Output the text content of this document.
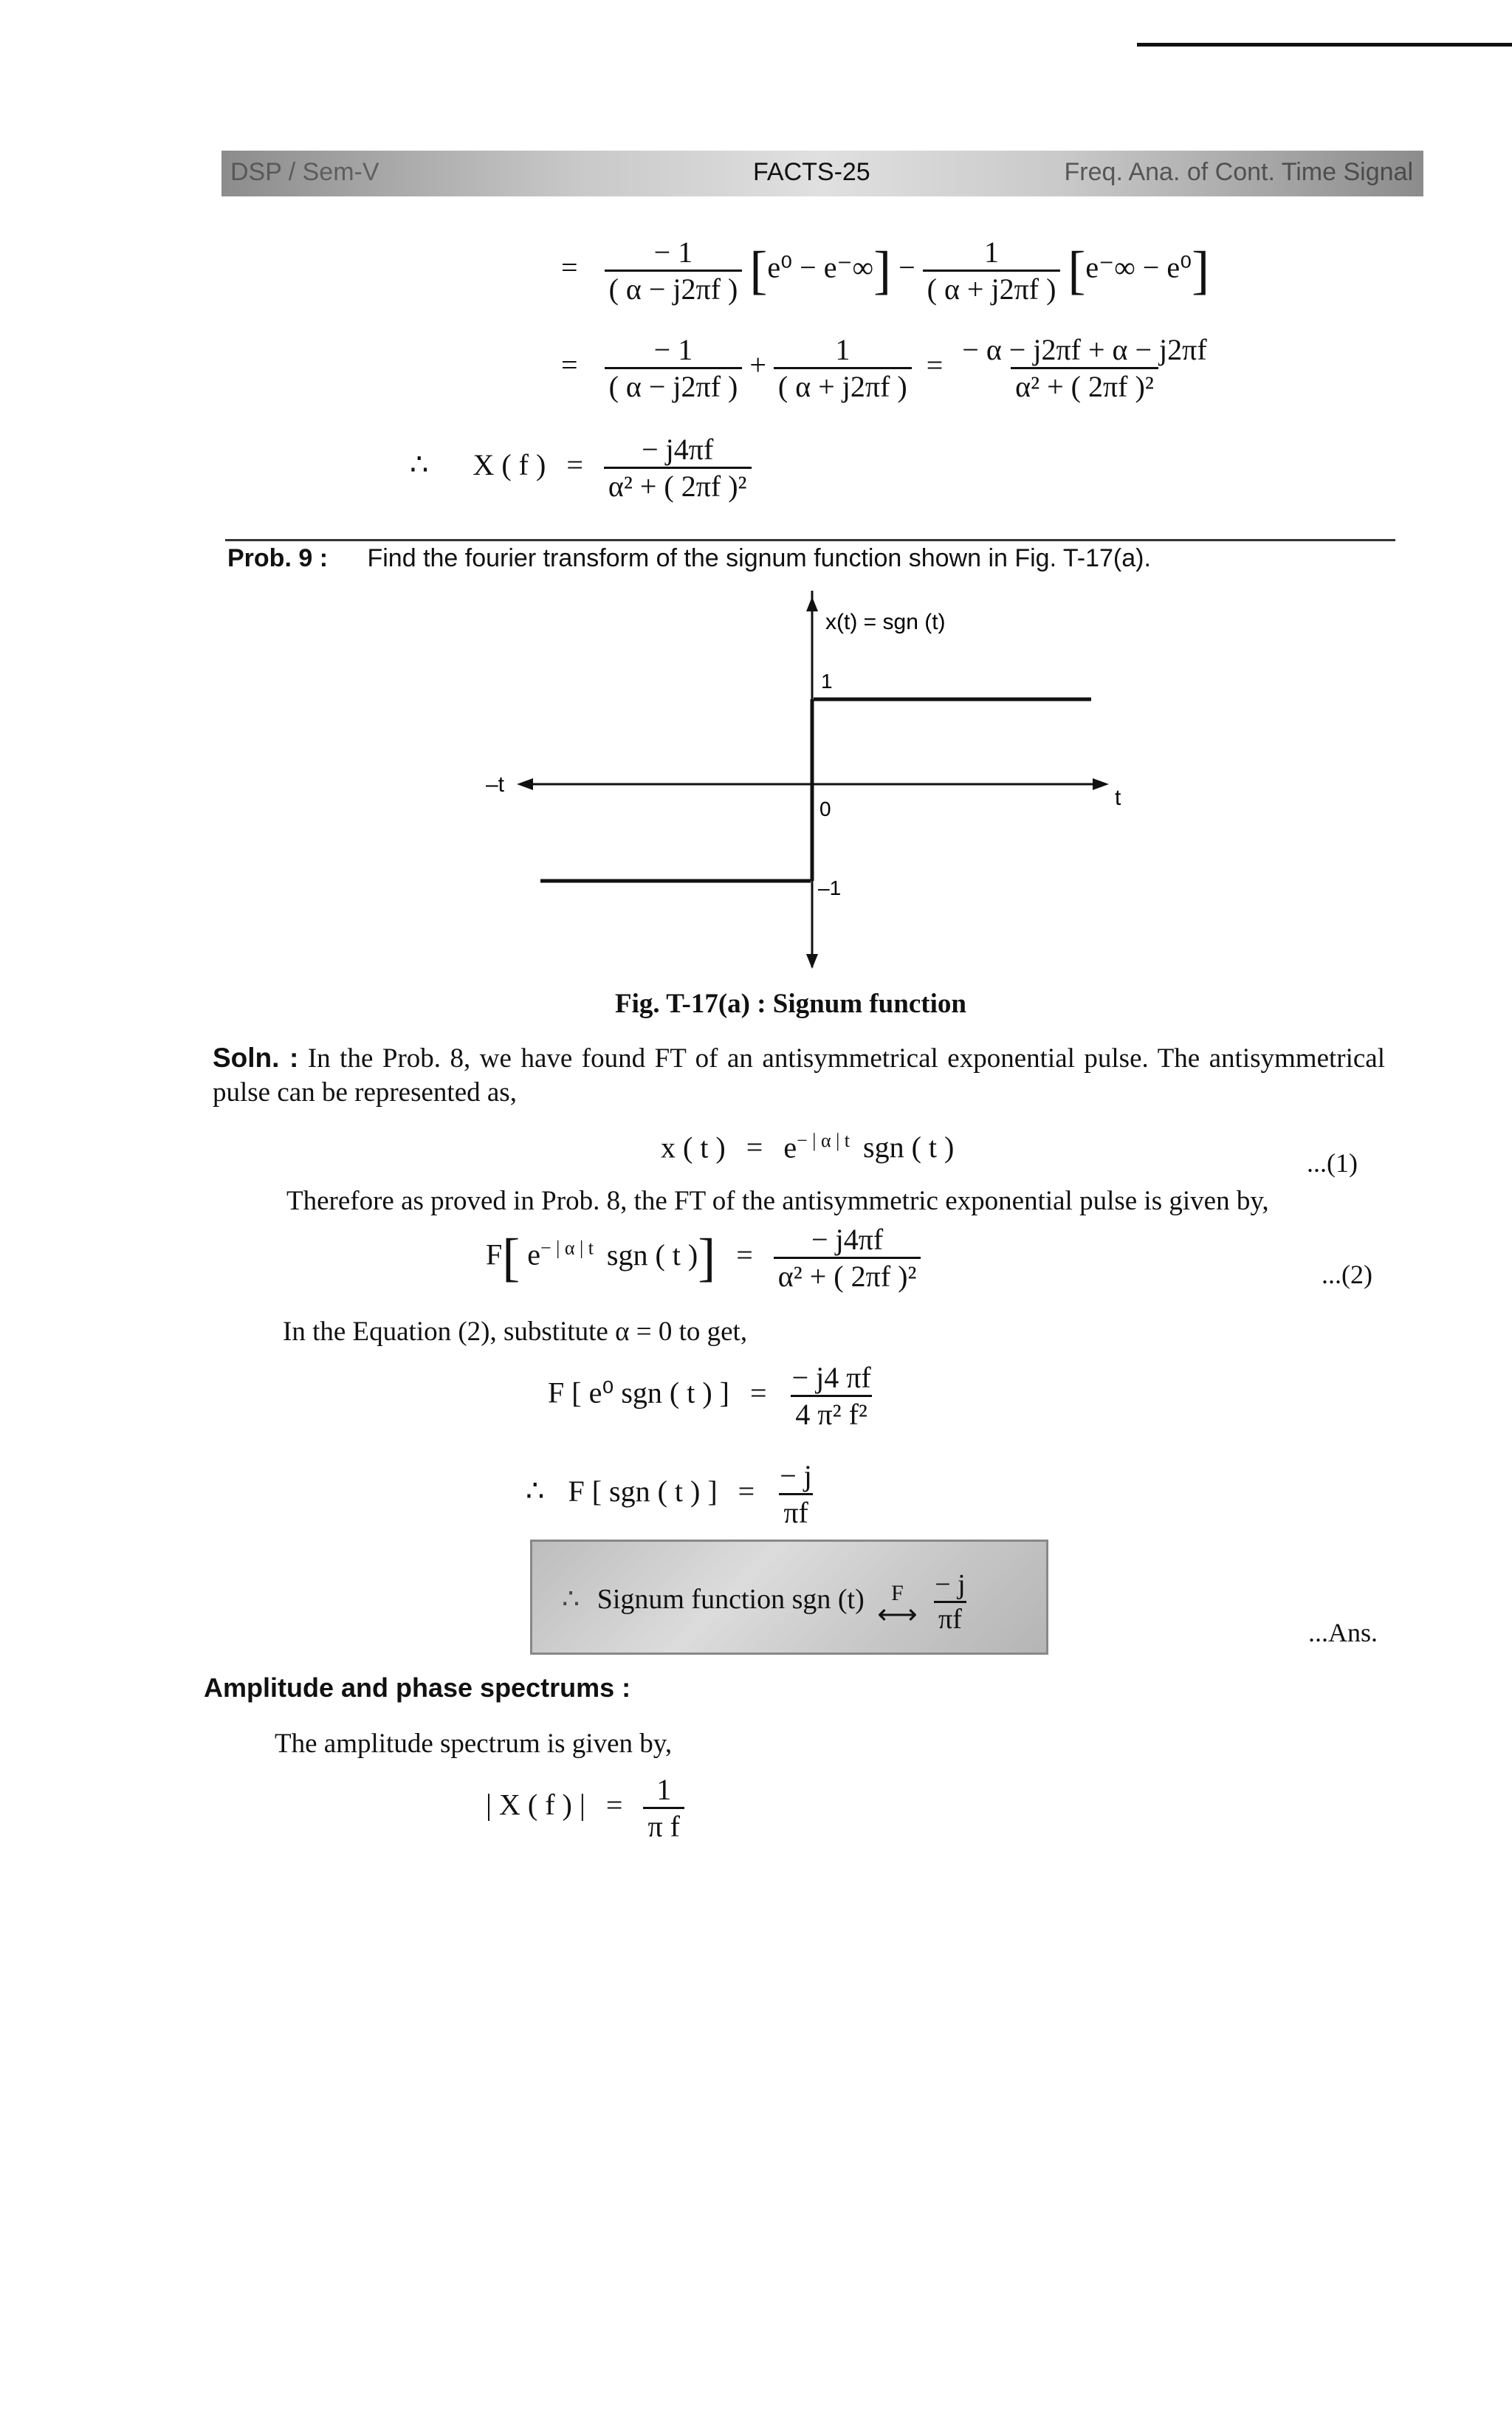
DSP / Sem-V	FACTS-25	Freq. Ana. of Cont. Time Signal
= $\frac{- 1}{( \alpha - j2\pi f )} [e^0 - e^-\infty] - \frac{1}{( \alpha + j2\pi f )} [e^-\infty - e^0]$
= $\frac{- 1}{( \alpha - j2\pi f )} + \frac{1}{( \alpha + j2\pi f )} = \frac{- \alpha - j2\pi f + \alpha - j2\pi f}{\text{α² + ( 2πf )²}}$
∴ X ( f ) = $\frac{- j4\pi f}{\text{α² + ( 2πf )²}}$
Prob. 9 : Find the fourier transform of the signum function shown in Fig. T-17(a).
x(t) = sgn (t)
1
0
–1
–t
t
Fig. T-17(a) : Signum function
Soln. : In the Prob. 8, we have found FT of an antisymmetrical exponential pulse. The antisymmetrical pulse can be represented as,
x ( t ) = $e^{- | \alpha | t}$ sgn ( t )	...(1)
Therefore as proved in Prob. 8, the FT of the antisymmetric exponential pulse is given by,
F[ $e^{- | \alpha | t}$ sgn ( t )] = $\frac{- j4\pi f}{\text{α² + ( 2πf )²}}$	...(2)
In the Equation (2), substitute α = 0 to get,
F [ e⁰ sgn ( t ) ] = $\frac{- j4 \pi f}{\text{4 π² f²}}$
∴ F [ sgn ( t ) ] = $\frac{- j}{\pi f}$
∴ Signum function sgn (t) F
⟷
$\frac{- j}{\pi f}$	...Ans.
Amplitude and phase spectrums :
The amplitude spectrum is given by,
| X ( f ) | = $\frac{1}{\text{π f}}$
